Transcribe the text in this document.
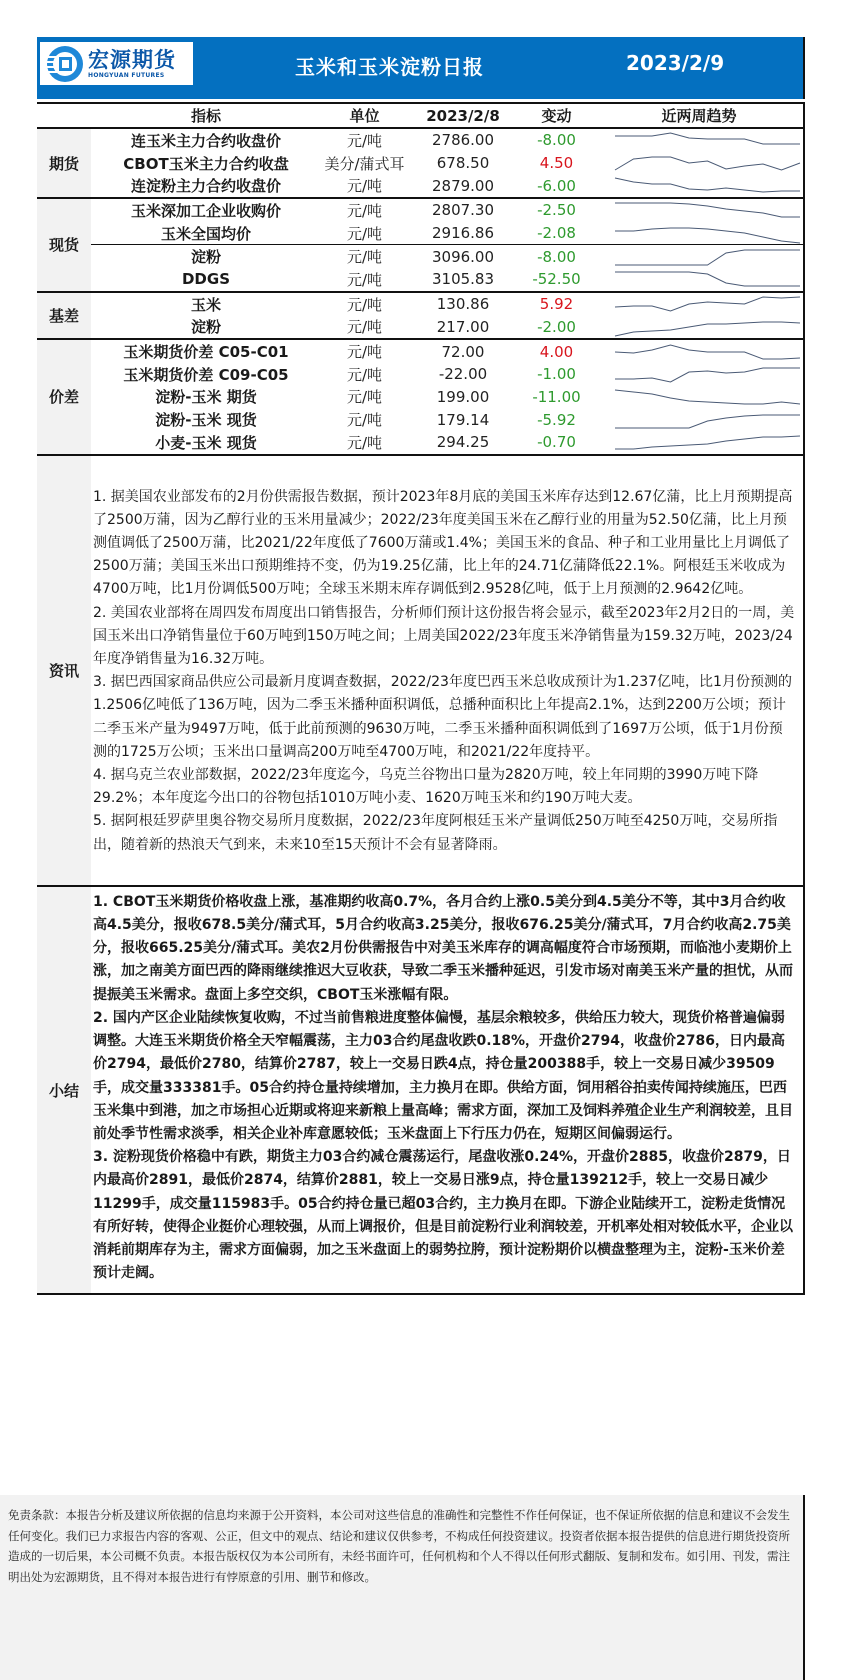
宏源期货
HONGYUAN FUTURES	玉米和玉米淀粉日报	2023/2/9
指标	单位	2023/2/8	变动	近两周趋势
期货
连玉米主力合约收盘价	元/吨	2786.00	-8.00
CBOT玉米主力合约收盘	美分/蒲式耳	678.50	4.50
连淀粉主力合约收盘价	元/吨	2879.00	-6.00
现货
玉米深加工企业收购价	元/吨	2807.30	-2.50
玉米全国均价	元/吨	2916.86	-2.08
淀粉	元/吨	3096.00	-8.00
DDGS	元/吨	3105.83	-52.50
基差
玉米	元/吨	130.86	5.92
淀粉	元/吨	217.00	-2.00
价差
玉米期货价差 C05-C01	元/吨	72.00	4.00
玉米期货价差 C09-C05	元/吨	-22.00	-1.00
淀粉-玉米 期货	元/吨	199.00	-11.00
淀粉-玉米 现货	元/吨	179.14	-5.92
小麦-玉米 现货	元/吨	294.25	-0.70
资讯

1. 据美国农业部发布的2月份供需报告数据，预计2023年8月底的美国玉米库存达到12.67亿蒲，比上月预期提高了2500万蒲，因为乙醇行业的玉米用量减少；2022/23年度美国玉米在乙醇行业的用量为52.50亿蒲，比上月预测值调低了2500万蒲，比2021/22年度低了7600万蒲或1.4%；美国玉米的食品、种子和工业用量比上月调低了2500万蒲；美国玉米出口预期维持不变，仍为19.25亿蒲，比上年的24.71亿蒲降低22.1%。阿根廷玉米收成为4700万吨，比1月份调低500万吨；全球玉米期末库存调低到2.9528亿吨，低于上月预测的2.9642亿吨。

2. 美国农业部将在周四发布周度出口销售报告，分析师们预计这份报告将会显示，截至2023年2月2日的一周，美国玉米出口净销售量位于60万吨到150万吨之间；上周美国2022/23年度玉米净销售量为159.32万吨，2023/24年度净销售量为16.32万吨。

3. 据巴西国家商品供应公司最新月度调查数据，2022/23年度巴西玉米总收成预计为1.237亿吨，比1月份预测的1.2506亿吨低了136万吨，因为二季玉米播种面积调低，总播种面积比上年提高2.1%，达到2200万公顷；预计二季玉米产量为9497万吨，低于此前预测的9630万吨，二季玉米播种面积调低到了1697万公顷，低于1月份预测的1725万公顷；玉米出口量调高200万吨至4700万吨，和2021/22年度持平。

4. 据乌克兰农业部数据，2022/23年度迄今，乌克兰谷物出口量为2820万吨，较上年同期的3990万吨下降29.2%；本年度迄今出口的谷物包括1010万吨小麦、1620万吨玉米和约190万吨大麦。

5. 据阿根廷罗萨里奥谷物交易所月度数据，2022/23年度阿根廷玉米产量调低250万吨至4250万吨，交易所指出，随着新的热浪天气到来，未来10至15天预计不会有显著降雨。

小结

1. CBOT玉米期货价格收盘上涨，基准期约收高0.7%，各月合约上涨0.5美分到4.5美分不等，其中3月合约收高4.5美分，报收678.5美分/蒲式耳，5月合约收高3.25美分，报收676.25美分/蒲式耳，7月合约收高2.75美分，报收665.25美分/蒲式耳。美农2月份供需报告中对美玉米库存的调高幅度符合市场预期，而临池小麦期价上涨，加之南美方面巴西的降雨继续推迟大豆收获，导致二季玉米播种延迟，引发市场对南美玉米产量的担忧，从而提振美玉米需求。盘面上多空交织，CBOT玉米涨幅有限。

2. 国内产区企业陆续恢复收购，不过当前售粮进度整体偏慢，基层余粮较多，供给压力较大，现货价格普遍偏弱调整。大连玉米期货价格全天窄幅震荡，主力03合约尾盘收跌0.18%，开盘价2794，收盘价2786，日内最高价2794，最低价2780，结算价2787，较上一交易日跌4点，持仓量200388手，较上一交易日减少39509手，成交量333381手。05合约持仓量持续增加，主力换月在即。供给方面，饲用稻谷拍卖传闻持续施压，巴西玉米集中到港，加之市场担心近期或将迎来新粮上量高峰；需求方面，深加工及饲料养殖企业生产利润较差，且目前处季节性需求淡季，相关企业补库意愿较低；玉米盘面上下行压力仍在，短期区间偏弱运行。

3. 淀粉现货价格稳中有跌，期货主力03合约减仓震荡运行，尾盘收涨0.24%，开盘价2885，收盘价2879，日内最高价2891，最低价2874，结算价2881，较上一交易日涨9点，持仓量139212手，较上一交易日减少11299手，成交量115983手。05合约持仓量已超03合约，主力换月在即。下游企业陆续开工，淀粉走货情况有所好转，使得企业挺价心理较强，从而上调报价，但是目前淀粉行业利润较差，开机率处相对较低水平，企业以消耗前期库存为主，需求方面偏弱，加之玉米盘面上的弱势拉胯，预计淀粉期价以横盘整理为主，淀粉-玉米价差预计走阔。

免责条款：本报告分析及建议所依据的信息均来源于公开资料，本公司对这些信息的准确性和完整性不作任何保证，也不保证所依据的信息和建议不会发生任何变化。我们已力求报告内容的客观、公正，但文中的观点、结论和建议仅供参考，不构成任何投资建议。投资者依据本报告提供的信息进行期货投资所造成的一切后果，本公司概不负责。本报告版权仅为本公司所有，未经书面许可，任何机构和个人不得以任何形式翻版、复制和发布。如引用、刊发，需注明出处为宏源期货，且不得对本报告进行有悖原意的引用、删节和修改。
